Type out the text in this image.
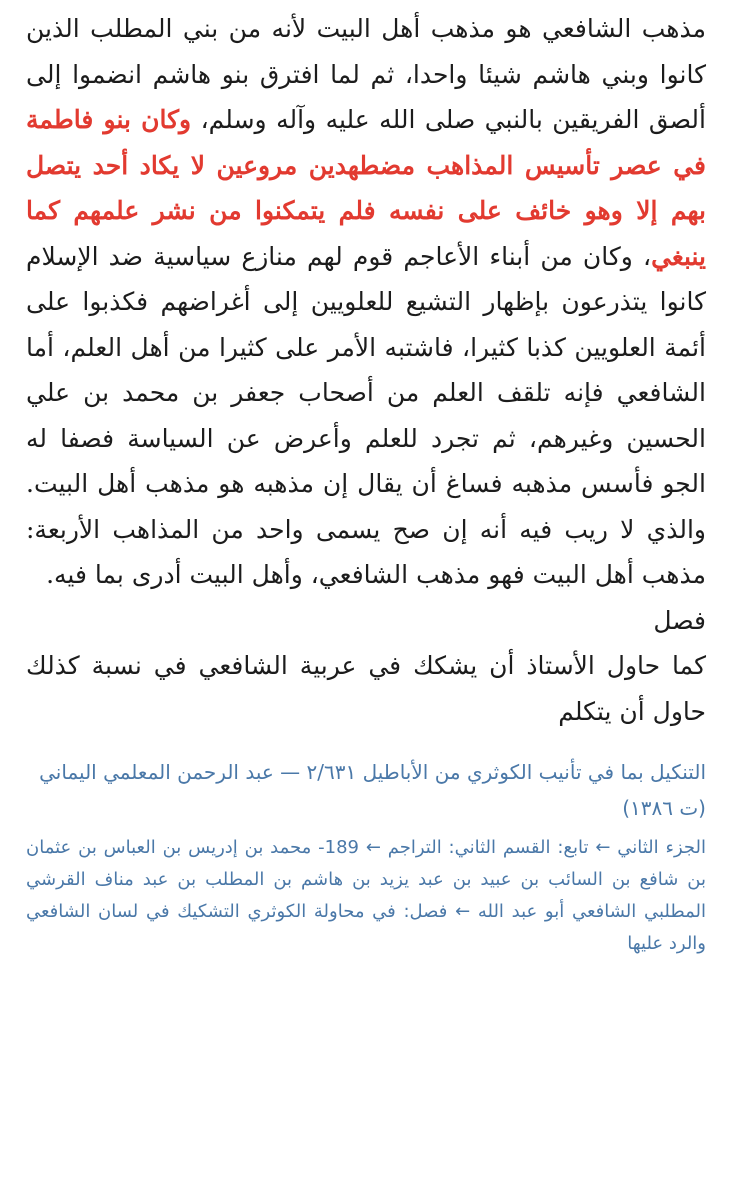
مذهب الشافعي هو مذهب أهل البيت لأنه من بني المطلب الذين كانوا وبني هاشم شيئا واحدا، ثم لما افترق بنو هاشم انضموا إلى ألصق الفريقين بالنبي صلى الله عليه وآله وسلم، وكان بنو فاطمة في عصر تأسيس المذاهب مضطهدين مروعين لا يكاد أحد يتصل بهم إلا وهو خائف على نفسه فلم يتمكنوا من نشر علمهم كما ينبغي، وكان من أبناء الأعاجم قوم لهم منازع سياسية ضد الإسلام كانوا يتذرعون بإظهار التشيع للعلويين إلى أغراضهم فكذبوا على أئمة العلويين كذبا كثيرا، فاشتبه الأمر على كثيرا من أهل العلم، أما الشافعي فإنه تلقف العلم من أصحاب جعفر بن محمد بن علي الحسين وغيرهم، ثم تجرد للعلم وأعرض عن السياسة فصفا له الجو فأسس مذهبه فساغ أن يقال إن مذهبه هو مذهب أهل البيت. والذي لا ريب فيه أنه إن صح يسمى واحد من المذاهب الأربعة: مذهب أهل البيت فهو مذهب الشافعي، وأهل البيت أدرى بما فيه.

فصل

كما حاول الأستاذ أن يشكك في عربية الشافعي في نسبة كذلك حاول أن يتكلم

التنكيل بما في تأنيب الكوثري من الأباطيل ٢/٦٣١ — عبد الرحمن المعلمي اليماني (ت ١٣٨٦)

الجزء الثاني ← تابع: القسم الثاني: التراجم ← 189- محمد بن إدريس بن العباس بن عثمان بن شافع بن السائب بن عبيد بن عبد يزيد بن هاشم بن المطلب بن عبد مناف القرشي المطلبي الشافعي أبو عبد الله ← فصل: في محاولة الكوثري التشكيك في لسان الشافعي والرد عليها
